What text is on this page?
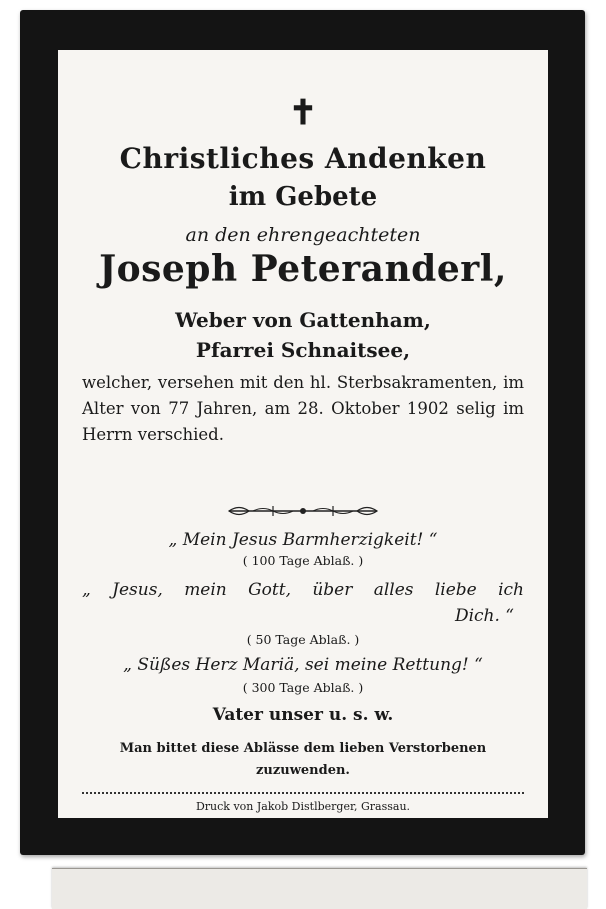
✝
Christliches Andenken
im Gebete
an den ehrengeachteten
Joseph Peteranderl,
Weber von Gattenham,
Pfarrei Schnaitsee,
welcher, versehen mit den hl. Sterbsakramenten, im Alter von 77 Jahren, am 28. Oktober 1902 selig im Herrn verschied.
„ Mein Jesus Barmherzigkeit! “
( 100 Tage Ablaß. )
„ Jesus, mein Gott, über alles liebe ich
Dich. “
( 50 Tage Ablaß. )
„ Süßes Herz Mariä, sei meine Rettung! “
( 300 Tage Ablaß. )
Vater unser u. s. w.
Man bittet diese Ablässe dem lieben Verstorbenen zuzuwenden.
Druck von Jakob Distlberger, Grassau.
